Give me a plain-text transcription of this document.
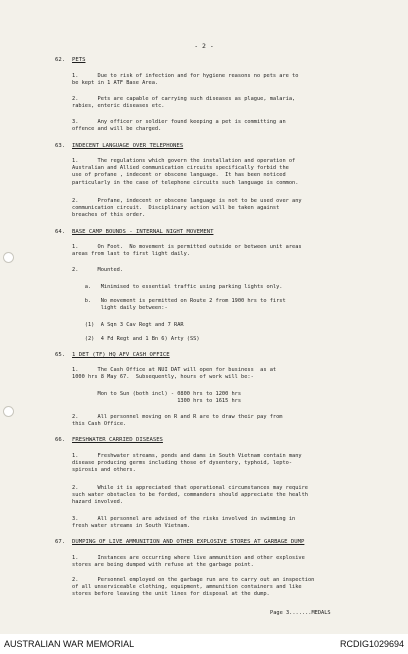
- 2 -
62. PETS
1.      Due to risk of infection and for hygiene reasons no pets are to
be kept in 1 ATF Base Area.
2.      Pets are capable of carrying such diseases as plague, malaria,
rabies, enteric diseases etc.
3.      Any officer or soldier found keeping a pet is committing an
offence and will be charged.
63. INDECENT LANGUAGE OVER TELEPHONES
1.      The regulations which govern the installation and operation of
Australian and Allied communication circuits specifically forbid the
use of profane , indecent or obscene language.  It has been noticed
particularly in the case of telephone circuits such language is common.
2.      Profane, indecent or obscene language is not to be used over any
communication circuit.  Disciplinary action will be taken against
breaches of this order.
64. BASE CAMP BOUNDS - INTERNAL NIGHT MOVEMENT
1.      On Foot.  No movement is permitted outside or between unit areas
areas from last to first light daily.
2.      Mounted.
a.   Minimised to essential traffic using parking lights only.
b.   No movement is permitted on Route 2 from 1900 hrs to first
light daily between:-
(1)  A Sqn 3 Cav Regt and 7 RAR
(2)  4 Fd Regt and 1 Bn 6) Arty (SS)
65. 1 DET (TF) HQ AFV CASH OFFICE
1.      The Cash Office at NUI DAT will open for business  as at
1000 hrs 8 May 67.  Subsequently, hours of work will be:-
Mon to Sun (both incl) - 0800 hrs to 1200 hrs
1300 hrs to 1615 hrs
2.      All personnel moving on R and R are to draw their pay from
this Cash Office.
66. FRESHWATER CARRIED DISEASES
1.      Freshwater streams, ponds and dams in South Vietnam contain many
disease producing germs including those of dysentery, typhoid, lepto-
spirosis and others.
2.      While it is appreciated that operational circumstances may require
such water obstacles to be forded, commanders should appreciate the health
hazard involved.
3.      All personnel are advised of the risks involved in swimming in
fresh water streams in South Vietnam.
67. DUMPING OF LIVE AMMUNITION AND OTHER EXPLOSIVE STORES AT GARBAGE DUMP
1.      Instances are occurring where live ammunition and other explosive
stores are being dumped with refuse at the garbage point.
2.      Personnel employed on the garbage run are to carry out an inspection
of all unserviceable clothing, equipment, ammunition containers and like
stores before leaving the unit lines for disposal at the dump.
Page 3.......MEDALS
AUSTRALIAN WAR MEMORIAL	RCDIG1029694
